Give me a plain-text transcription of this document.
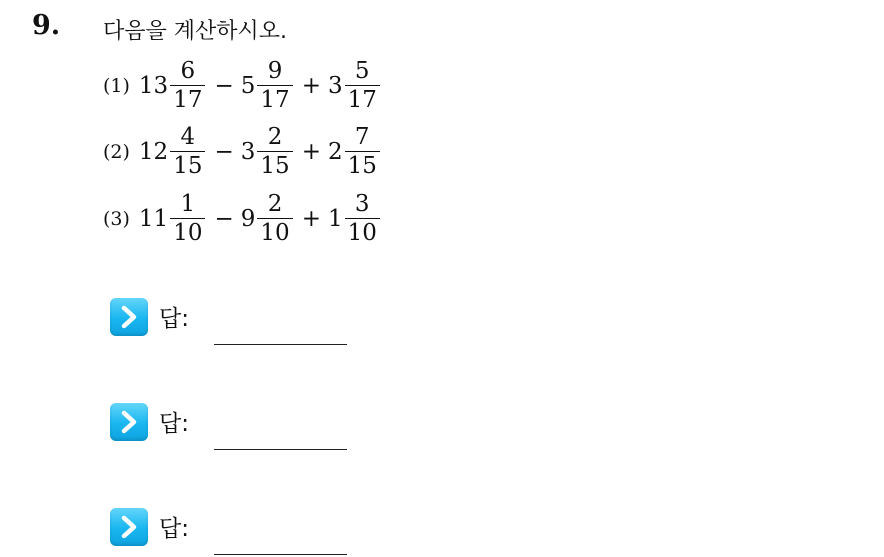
9. 다음을 계산하시오.
(1) $13 \frac{6}{17} - 5 \frac{9}{17} + 3 \frac{5}{17}$
(2) $12 \frac{4}{15} - 3 \frac{2}{15} + 2 \frac{7}{15}$
(3) $11 \frac{1}{10} - 9 \frac{2}{10} + 1 \frac{3}{10}$
답:
답:
답:
